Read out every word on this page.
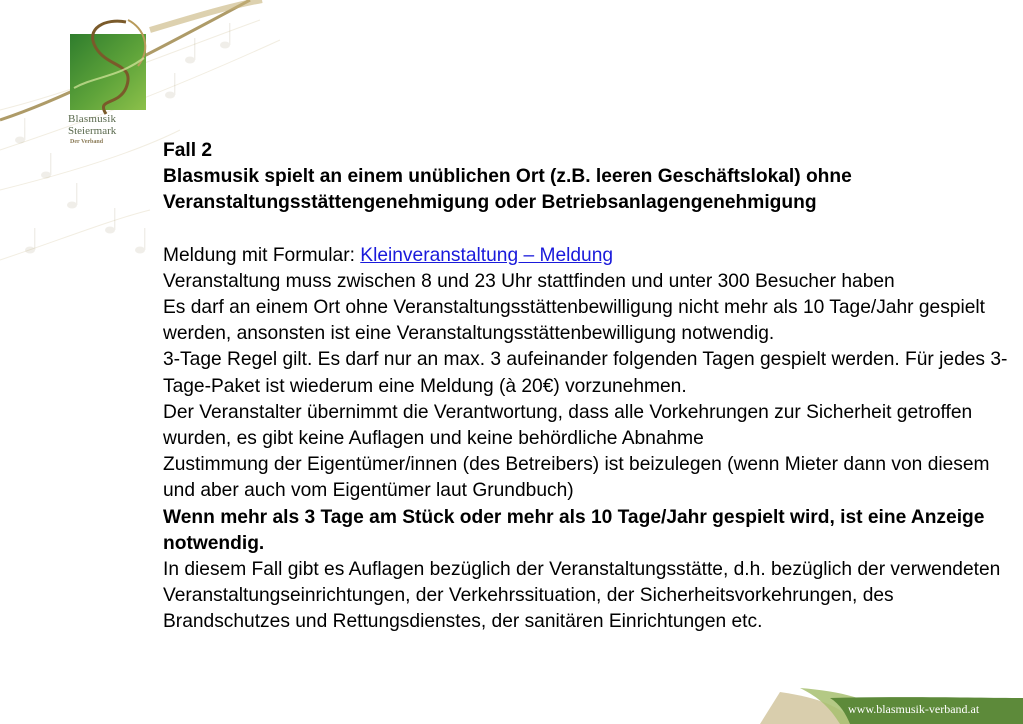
Blasmusik
Steiermark
Der Verband	Fall 2

Blasmusik spielt an einem unüblichen Ort (z.B. leeren Geschäftslokal) ohne Veranstaltungsstättengenehmigung oder Betriebsanlagengenehmigung

Meldung mit Formular: Kleinveranstaltung – Meldung

Veranstaltung muss zwischen 8 und 23 Uhr stattfinden und unter 300 Besucher haben

Es darf an einem Ort ohne Veranstaltungsstättenbewilligung nicht mehr als 10 Tage/Jahr gespielt werden, ansonsten ist eine Veranstaltungsstättenbewilligung notwendig.

3-Tage Regel gilt. Es darf nur an max. 3 aufeinander folgenden Tagen gespielt werden. Für jedes 3-Tage-Paket ist wiederum eine Meldung (à 20€) vorzunehmen.

Der Veranstalter übernimmt die Verantwortung, dass alle Vorkehrungen zur Sicherheit getroffen wurden, es gibt keine Auflagen und keine behördliche Abnahme

Zustimmung der Eigentümer/innen (des Betreibers) ist beizulegen (wenn Mieter dann von diesem und aber auch vom Eigentümer laut Grundbuch)

Wenn mehr als 3 Tage am Stück oder mehr als 10 Tage/Jahr gespielt wird, ist eine Anzeige notwendig.

In diesem Fall gibt es Auflagen bezüglich der Veranstaltungsstätte, d.h. bezüglich der verwendeten Veranstaltungseinrichtungen, der Verkehrssituation, der Sicherheitsvorkehrungen, des Brandschutzes und Rettungsdienstes, der sanitären Einrichtungen etc.

www.blasmusik-verband.at
